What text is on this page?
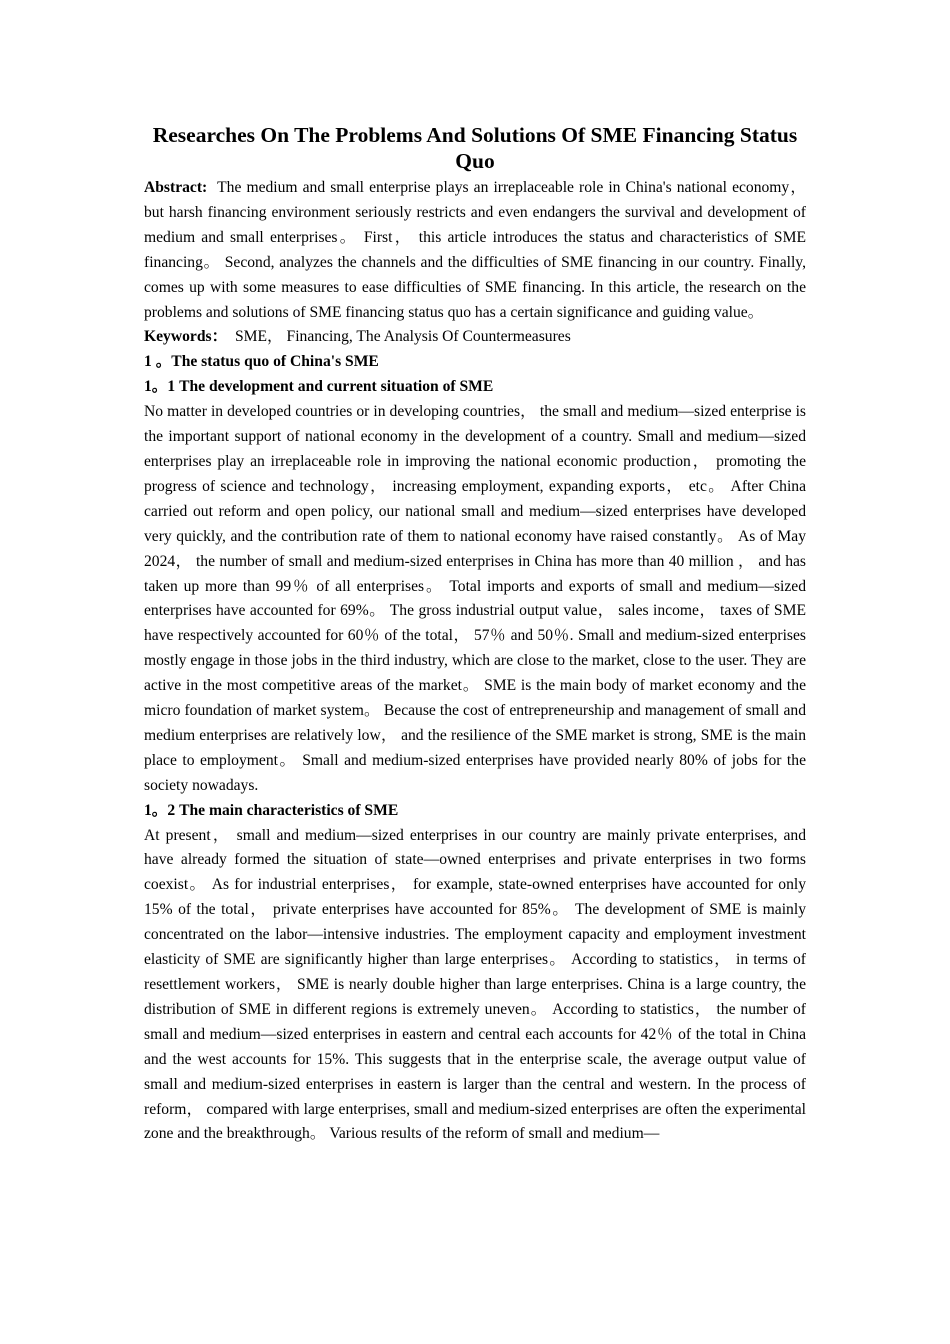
Researches On The Problems And Solutions Of SME Financing Status Quo

Abstract: The medium and small enterprise plays an irreplaceable role in China's national economy， but harsh financing environment seriously restricts and even endangers the survival and development of medium and small enterprises。 First， this article introduces the status and characteristics of SME financing。 Second, analyzes the channels and the difficulties of SME financing in our country. Finally, comes up with some measures to ease difficulties of SME financing. In this article, the research on the problems and solutions of SME financing status quo has a certain significance and guiding value。

Keywords： SME， Financing, The Analysis Of Countermeasures

1 。The status quo of China's SME

1。1 The development and current situation of SME

No matter in developed countries or in developing countries， the small and medium—sized enterprise is the important support of national economy in the development of a country. Small and medium—sized enterprises play an irreplaceable role in improving the national economic production， promoting the progress of science and technology， increasing employment, expanding exports， etc。 After China carried out reform and open policy, our national small and medium—sized enterprises have developed very quickly, and the contribution rate of them to national economy have raised constantly。 As of May 2024， the number of small and medium-sized enterprises in China has more than 40 million ， and has taken up more than 99％ of all enterprises。 Total imports and exports of small and medium—sized enterprises have accounted for 69%。 The gross industrial output value， sales income， taxes of SME have respectively accounted for 60％ of the total， 57％ and 50％. Small and medium-sized enterprises mostly engage in those jobs in the third industry, which are close to the market, close to the user. They are active in the most competitive areas of the market。 SME is the main body of market economy and the micro foundation of market system。 Because the cost of entrepreneurship and management of small and medium enterprises are relatively low， and the resilience of the SME market is strong, SME is the main place to employment。 Small and medium-sized enterprises have provided nearly 80% of jobs for the society nowadays.

1。2 The main characteristics of SME

At present， small and medium—sized enterprises in our country are mainly private enterprises, and have already formed the situation of state—owned enterprises and private enterprises in two forms coexist。 As for industrial enterprises， for example, state-owned enterprises have accounted for only 15% of the total， private enterprises have accounted for 85%。 The development of SME is mainly concentrated on the labor—intensive industries. The employment capacity and employment investment elasticity of SME are significantly higher than large enterprises。 According to statistics， in terms of resettlement workers， SME is nearly double higher than large enterprises. China is a large country, the distribution of SME in different regions is extremely uneven。 According to statistics， the number of small and medium—sized enterprises in eastern and central each accounts for 42％ of the total in China and the west accounts for 15%. This suggests that in the enterprise scale, the average output value of small and medium-sized enterprises in eastern is larger than the central and western. In the process of reform， compared with large enterprises, small and medium-sized enterprises are often the experimental zone and the breakthrough。 Various results of the reform of small and medium—
